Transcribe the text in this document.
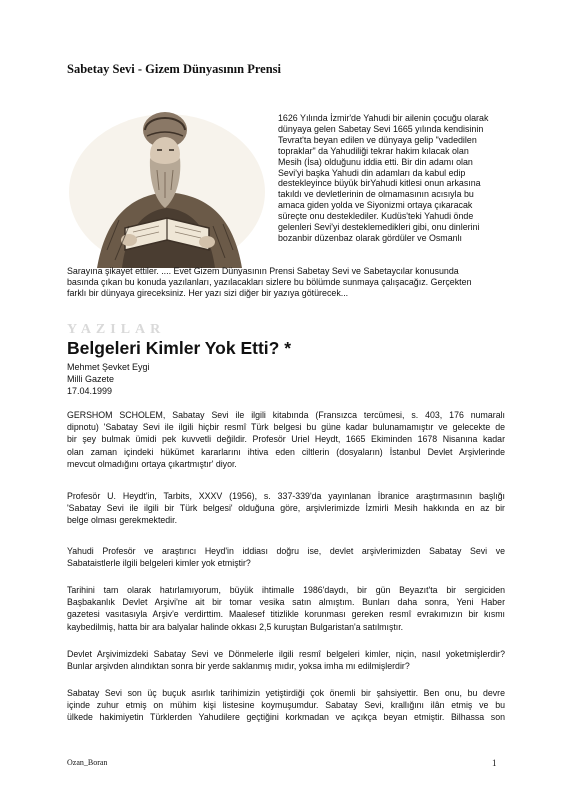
Sabetay Sevi - Gizem Dünyasının Prensi
1626 Yılında İzmir'de Yahudi bir ailenin çocuğu olarak
dünyaya gelen Sabetay Sevi 1665 yılında kendisinin
Tevrat'ta beyan edilen ve dünyaya gelip "vadedilen
topraklar" da Yahudiliği tekrar hakim kılacak olan
Mesih (İsa) olduğunu iddia etti. Bir din adamı olan
Sevi'yi başka Yahudi din adamları da kabul edip
destekleyince büyük birYahudi kitlesi onun arkasına
takıldı ve devletlerinin de olmamasının acısıyla bu
amaca giden yolda ve Siyonizmi ortaya çıkaracak
süreçte onu desteklediler. Kudüs'teki Yahudi önde
gelenleri Sevi'yi desteklemedikleri gibi, onu dinlerini
bozanbir düzenbaz olarak gördüler ve Osmanlı
Sarayına şikayet ettiler. .... Evet Gizem Dünyasının Prensi Sabetay Sevi ve Sabetaycılar konusunda
basında çıkan bu konuda yazılanları, yazılacakları sizlere bu bölümde sunmaya çalışacağız. Gerçekten
farklı bir dünyaya gireceksiniz. Her yazı sizi diğer bir yazıya götürecek...
YAZILAR
Belgeleri Kimler Yok Etti? *
Mehmet Şevket Eygi
Milli Gazete
17.04.1999
GERSHOM SCHOLEM, Sabatay Sevi ile ilgili kitabında (Fransızca tercümesi, s. 403, 176 numaralı
dipnotu) 'Sabatay Sevi ile ilgili hiçbir resmî Türk belgesi bu güne kadar bulunamamıştır ve gelecekte de
bir şey bulmak ümidi pek kuvvetli değildir. Profesör Uriel Heydt, 1665 Ekiminden 1678 Nisanına kadar
olan zaman içindeki hükümet kararlarını ihtiva eden ciltlerin (dosyaların) İstanbul Devlet Arşivlerinde
mevcut olmadığını ortaya çıkartmıştır' diyor.
Profesör U. Heydt'in, Tarbits, XXXV (1956), s. 337-339'da yayınlanan İbranice araştırmasının başlığı
'Sabatay Sevi ile ilgili bir Türk belgesi' olduğuna göre, arşivlerimizde İzmirli Mesih hakkında en az bir
belge olması gerekmektedir.
Yahudi Profesör ve araştırıcı Heyd'in iddiası doğru ise, devlet arşivlerimizden Sabatay Sevi ve
Sabataistlerle ilgili belgeleri kimler yok etmiştir?
Tarihini tam olarak hatırlamıyorum, büyük ihtimalle 1986'daydı, bir gün Beyazıt'ta bir sergiciden
Başbakanlık Devlet Arşivi'ne ait bir tomar vesika satın almıştım. Bunları daha sonra, Yeni Haber
gazetesi vasıtasıyla Arşiv'e verdirttim. Maalesef titizlikle korunması gereken resmî evrakımızın bir kısmı
kaybedilmiş, hatta bir ara balyalar halinde okkası 2,5 kuruştan Bulgaristan'a satılmıştır.
Devlet Arşivimizdeki Sabatay Sevi ve Dönmelerle ilgili resmî belgeleri kimler, niçin, nasıl yoketmişlerdir?
Bunlar arşivden alındıktan sonra bir yerde saklanmış mıdır, yoksa imha mı edilmişlerdir?
Sabatay Sevi son üç buçuk asırlık tarihimizin yetiştirdiği çok önemli bir şahsiyettir. Ben onu, bu devre
içinde zuhur etmiş on mühim kişi listesine koymuşumdur. Sabatay Sevi, krallığını ilân etmiş ve bu
ülkede hakimiyetin Türklerden Yahudilere geçtiğini korkmadan ve açıkça beyan etmiştir. Bilhassa son
Ozan_Boran	1
